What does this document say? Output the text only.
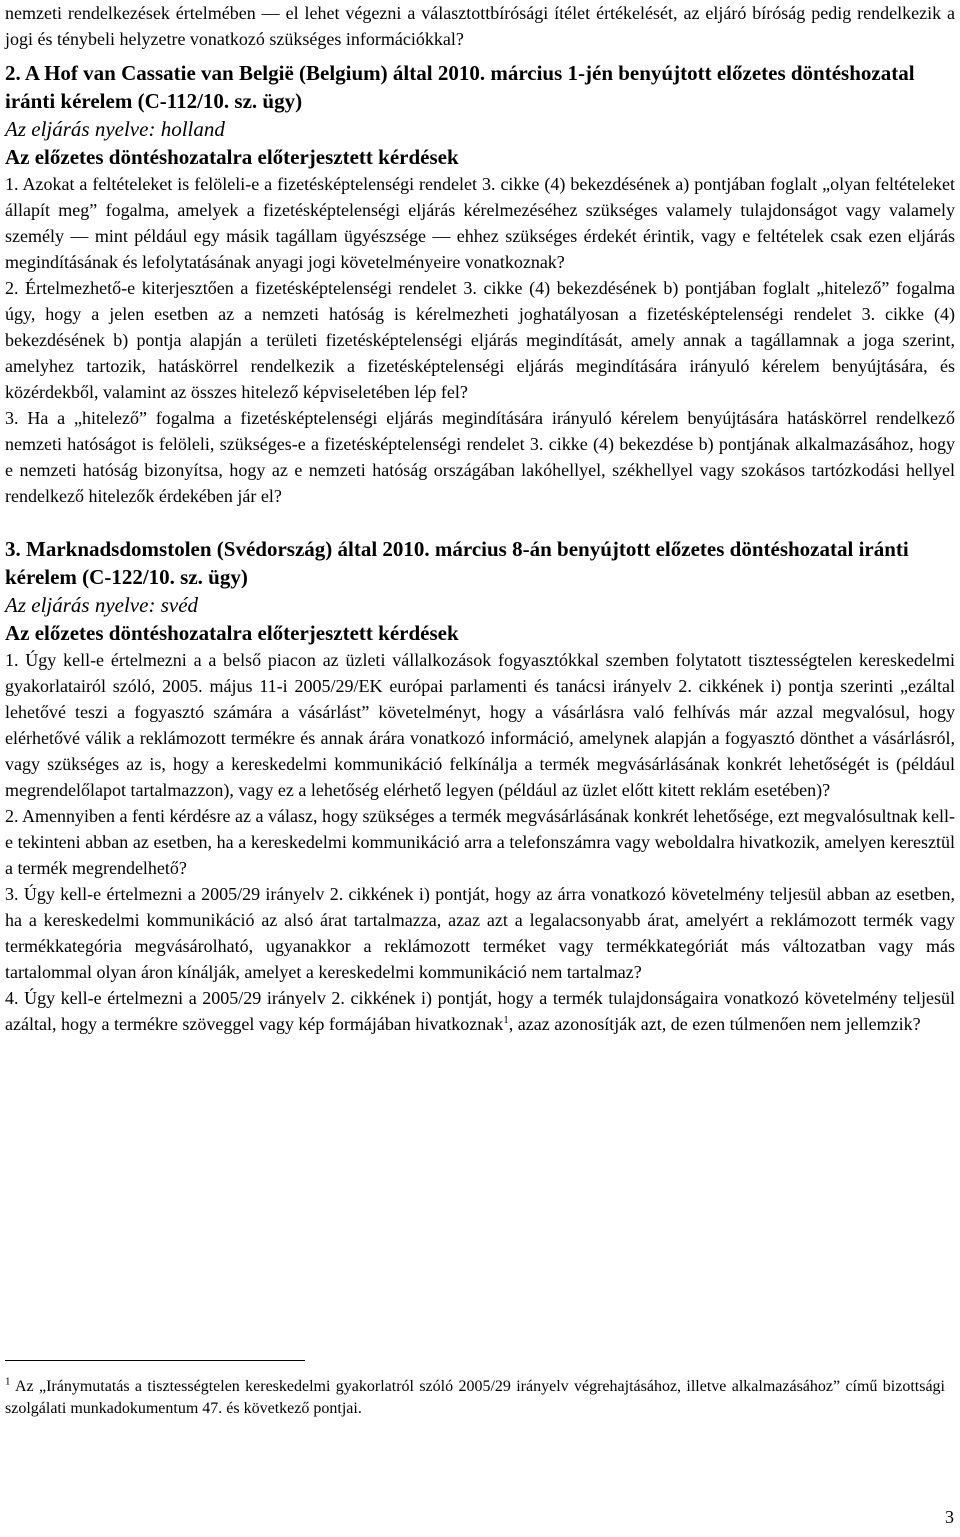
nemzeti rendelkezések értelmében — el lehet végezni a választottbírósági ítélet értékelését, az eljáró bíróság pedig rendelkezik a jogi és ténybeli helyzetre vonatkozó szükséges információkkal?

2. A Hof van Cassatie van België (Belgium) által 2010. március 1-jén benyújtott előzetes döntéshozatal iránti kérelem (C-112/10. sz. ügy)
Az eljárás nyelve: holland
Az előzetes döntéshozatalra előterjesztett kérdések

1. Azokat a feltételeket is felöleli-e a fizetésképtelenségi rendelet 3. cikke (4) bekezdésének a) pontjában foglalt „olyan feltételeket állapít meg” fogalma, amelyek a fizetésképtelenségi eljárás kérelmezéséhez szükséges valamely tulajdonságot vagy valamely személy — mint például egy másik tagállam ügyészsége — ehhez szükséges érdekét érintik, vagy e feltételek csak ezen eljárás megindításának és lefolytatásának anyagi jogi követelményeire vonatkoznak?

2. Értelmezhető-e kiterjesztően a fizetésképtelenségi rendelet 3. cikke (4) bekezdésének b) pontjában foglalt „hitelező” fogalma úgy, hogy a jelen esetben az a nemzeti hatóság is kérelmezheti joghatályosan a fizetésképtelenségi rendelet 3. cikke (4) bekezdésének b) pontja alapján a területi fizetésképtelenségi eljárás megindítását, amely annak a tagállamnak a joga szerint, amelyhez tartozik, hatáskörrel rendelkezik a fizetésképtelenségi eljárás megindítására irányuló kérelem benyújtására, és közérdekből, valamint az összes hitelező képviseletében lép fel?

3. Ha a „hitelező” fogalma a fizetésképtelenségi eljárás megindítására irányuló kérelem benyújtására hatáskörrel rendelkező nemzeti hatóságot is felöleli, szükséges-e a fizetésképtelenségi rendelet 3. cikke (4) bekezdése b) pontjának alkalmazásához, hogy e nemzeti hatóság bizonyítsa, hogy az e nemzeti hatóság országában lakóhellyel, székhellyel vagy szokásos tartózkodási hellyel rendelkező hitelezők érdekében jár el?

3. Marknadsdomstolen (Svédország) által 2010. március 8-án benyújtott előzetes döntéshozatal iránti kérelem (C-122/10. sz. ügy)
Az eljárás nyelve: svéd
Az előzetes döntéshozatalra előterjesztett kérdések

1. Úgy kell-e értelmezni a a belső piacon az üzleti vállalkozások fogyasztókkal szemben folytatott tisztességtelen kereskedelmi gyakorlatairól szóló, 2005. május 11-i 2005/29/EK európai parlamenti és tanácsi irányelv 2. cikkének i) pontja szerinti „ezáltal lehetővé teszi a fogyasztó számára a vásárlást” követelményt, hogy a vásárlásra való felhívás már azzal megvalósul, hogy elérhetővé válik a reklámozott termékre és annak árára vonatkozó információ, amelynek alapján a fogyasztó dönthet a vásárlásról, vagy szükséges az is, hogy a kereskedelmi kommunikáció felkínálja a termék megvásárlásának konkrét lehetőségét is (például megrendelőlapot tartalmazzon), vagy ez a lehetőség elérhető legyen (például az üzlet előtt kitett reklám esetében)?

2. Amennyiben a fenti kérdésre az a válasz, hogy szükséges a termék megvásárlásának konkrét lehetősége, ezt megvalósultnak kell-e tekinteni abban az esetben, ha a kereskedelmi kommunikáció arra a telefonszámra vagy weboldalra hivatkozik, amelyen keresztül a termék megrendelhető?

3. Úgy kell-e értelmezni a 2005/29 irányelv 2. cikkének i) pontját, hogy az árra vonatkozó követelmény teljesül abban az esetben, ha a kereskedelmi kommunikáció az alsó árat tartalmazza, azaz azt a legalacsonyabb árat, amelyért a reklámozott termék vagy termékkategória megvásárolható, ugyanakkor a reklámozott terméket vagy termékkategóriát más változatban vagy más tartalommal olyan áron kínálják, amelyet a kereskedelmi kommunikáció nem tartalmaz?

4. Úgy kell-e értelmezni a 2005/29 irányelv 2. cikkének i) pontját, hogy a termék tulajdonságaira vonatkozó követelmény teljesül azáltal, hogy a termékre szöveggel vagy kép formájában hivatkoznak$^1$, azaz azonosítják azt, de ezen túlmenően nem jellemzik?

$^1$ Az „Iránymutatás a tisztességtelen kereskedelmi gyakorlatról szóló 2005/29 irányelv végrehajtásához, illetve alkalmazásához” című bizottsági szolgálati munkadokumentum 47. és következő pontjai.
3
